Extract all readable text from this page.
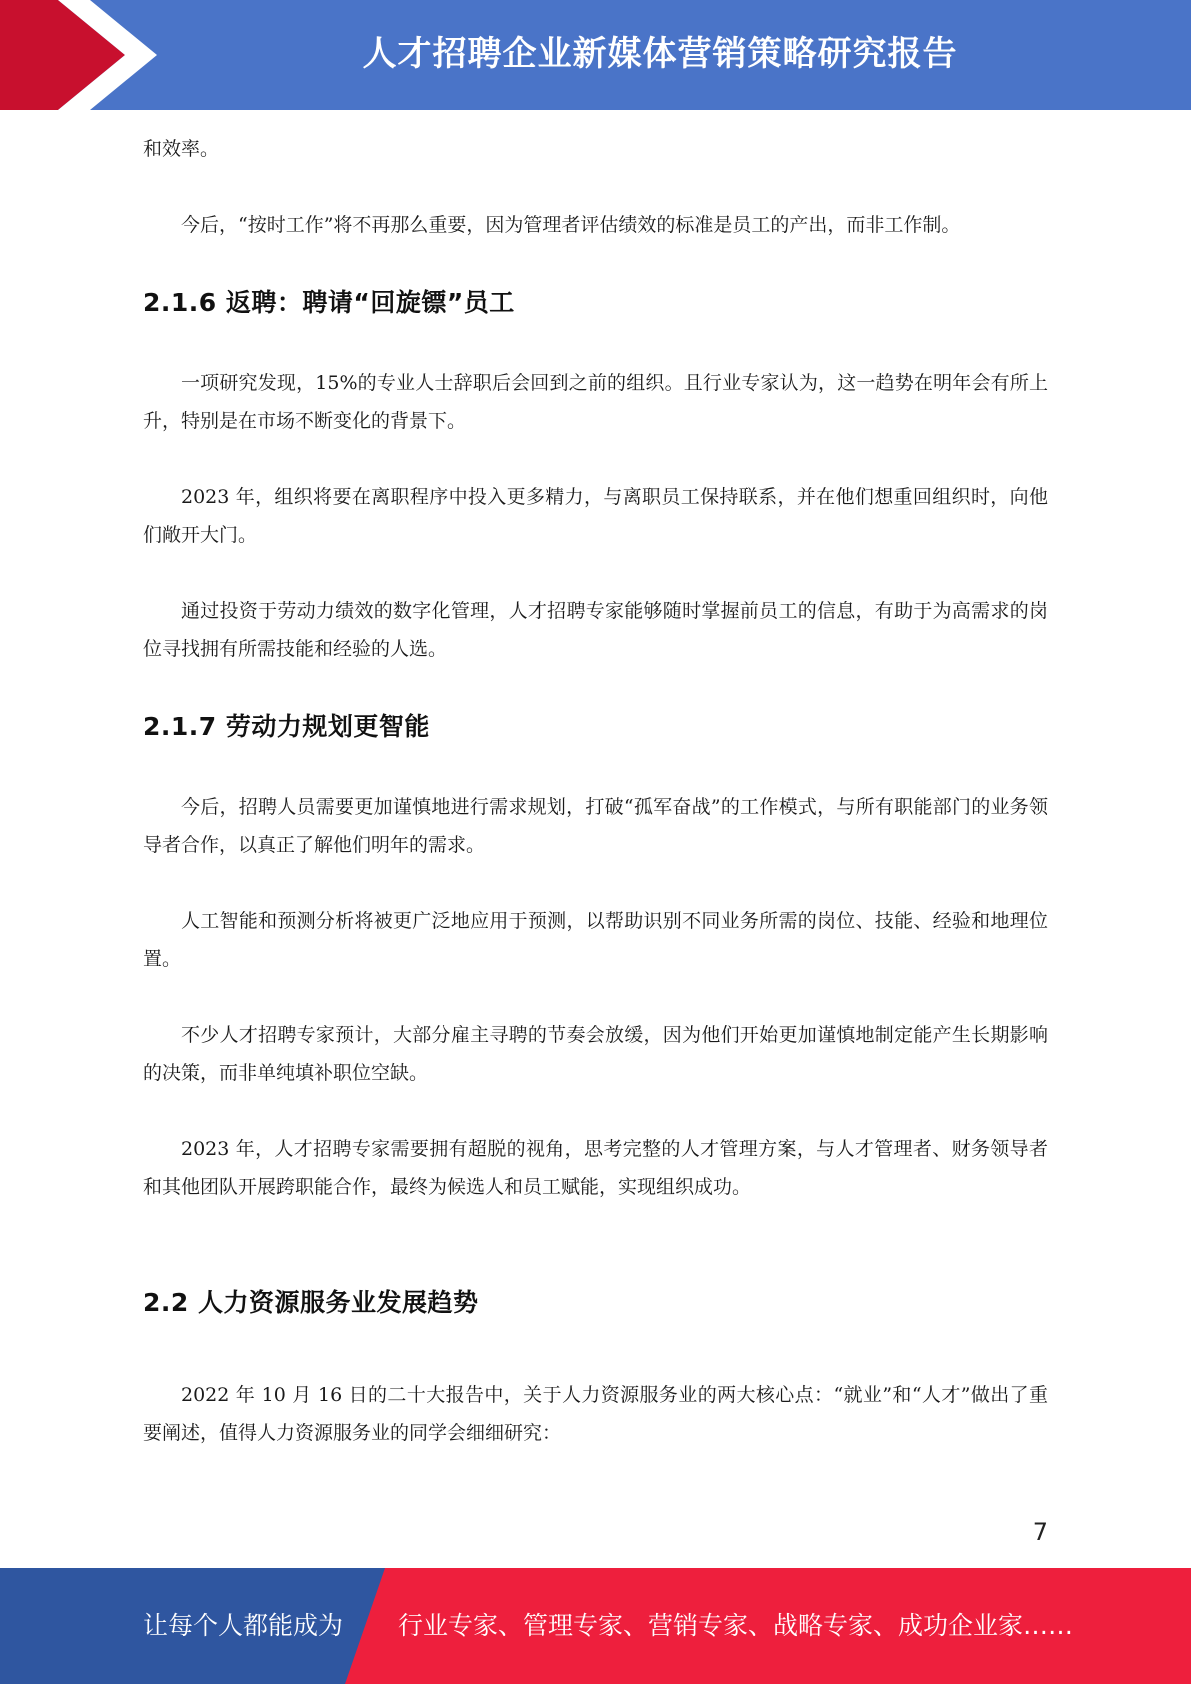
人才招聘企业新媒体营销策略研究报告

和效率。

今后，“按时工作”将不再那么重要，因为管理者评估绩效的标准是员工的产出，而非工作制。

2.1.6 返聘：聘请“回旋镖”员工

一项研究发现，15%的专业人士辞职后会回到之前的组织。且行业专家认为，这一趋势在明年会有所上升，特别是在市场不断变化的背景下。

2023 年，组织将要在离职程序中投入更多精力，与离职员工保持联系，并在他们想重回组织时，向他们敞开大门。

通过投资于劳动力绩效的数字化管理，人才招聘专家能够随时掌握前员工的信息，有助于为高需求的岗位寻找拥有所需技能和经验的人选。

2.1.7 劳动力规划更智能

今后，招聘人员需要更加谨慎地进行需求规划，打破“孤军奋战”的工作模式，与所有职能部门的业务领导者合作，以真正了解他们明年的需求。

人工智能和预测分析将被更广泛地应用于预测，以帮助识别不同业务所需的岗位、技能、经验和地理位置。

不少人才招聘专家预计，大部分雇主寻聘的节奏会放缓，因为他们开始更加谨慎地制定能产生长期影响的决策，而非单纯填补职位空缺。

2023 年，人才招聘专家需要拥有超脱的视角，思考完整的人才管理方案，与人才管理者、财务领导者和其他团队开展跨职能合作，最终为候选人和员工赋能，实现组织成功。

2.2 人力资源服务业发展趋势

2022 年 10 月 16 日的二十大报告中，关于人力资源服务业的两大核心点：“就业”和“人才”做出了重要阐述，值得人力资源服务业的同学会细细研究：

7
让每个人都能成为 行业专家、管理专家、营销专家、战略专家、成功企业家……
